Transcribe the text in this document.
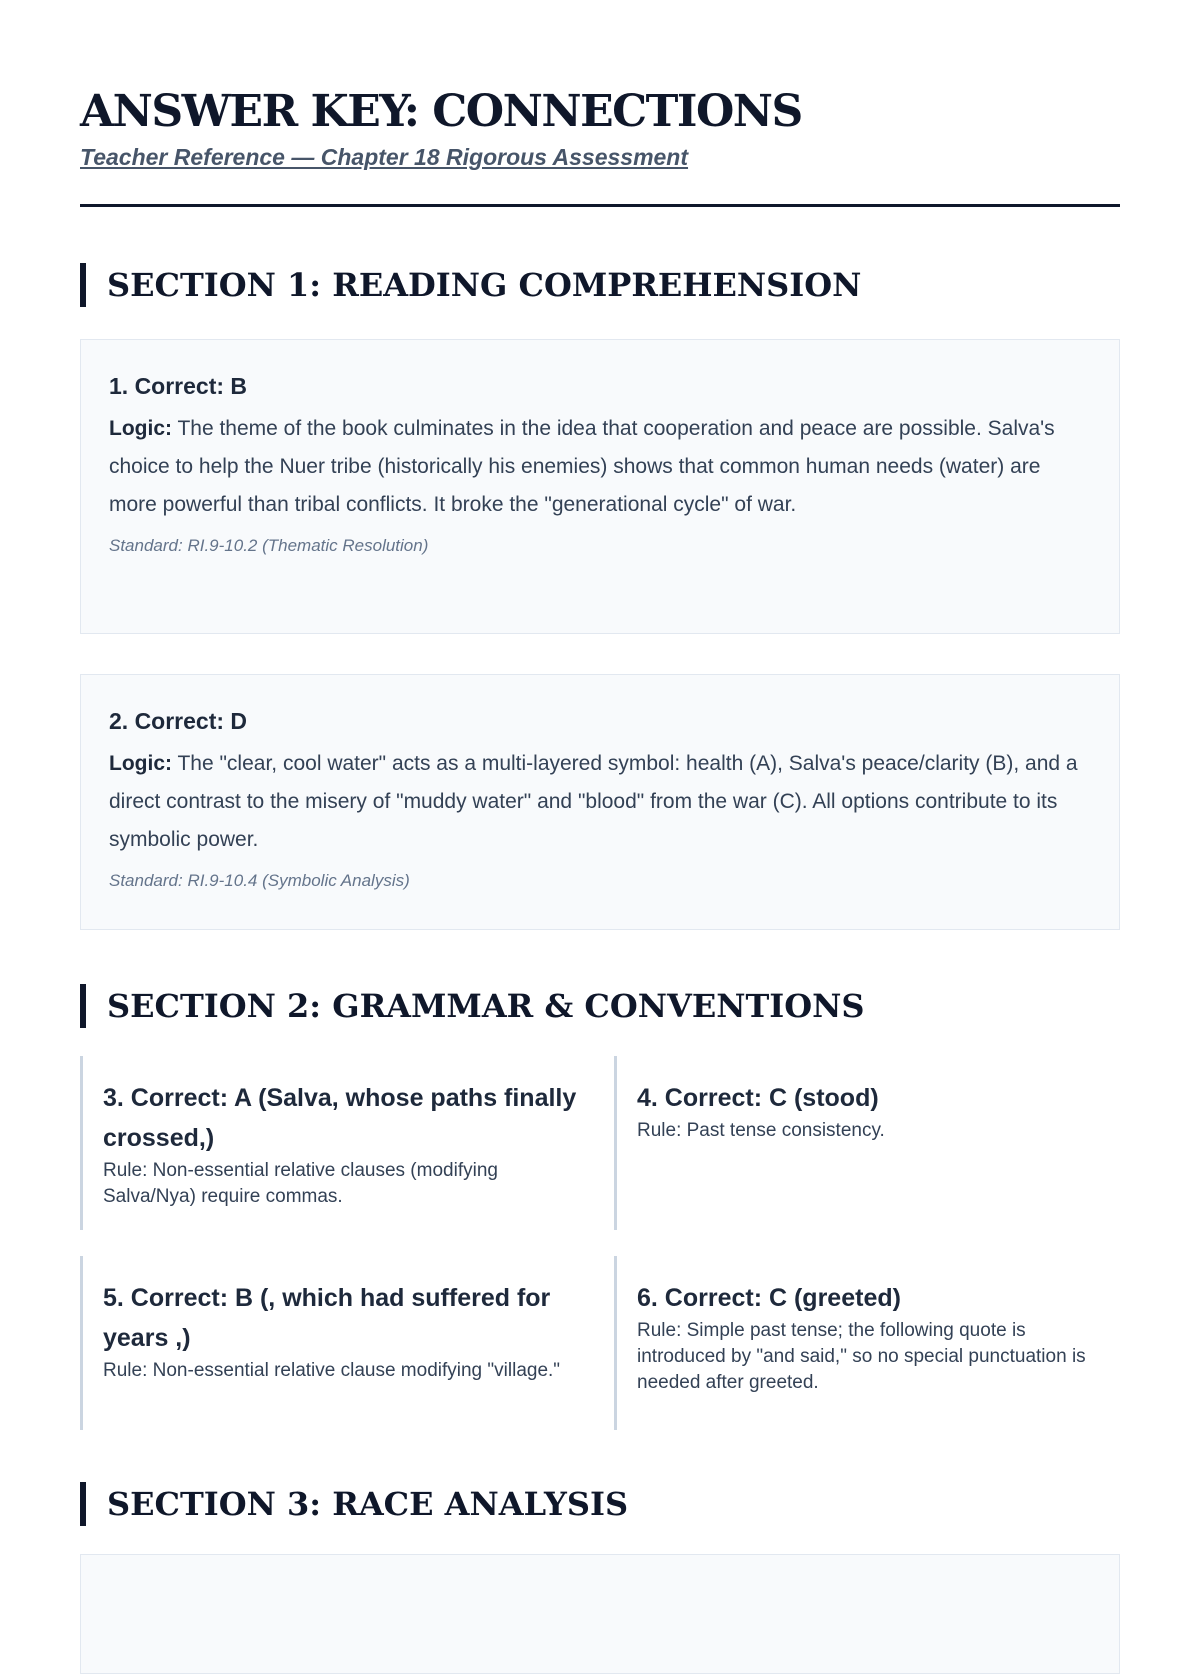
ANSWER KEY: CONNECTIONS

Teacher Reference — Chapter 18 Rigorous Assessment

SECTION 1: READING COMPREHENSION

1. Correct: B

Logic: The theme of the book culminates in the idea that cooperation and peace are possible. Salva's choice to help the Nuer tribe (historically his enemies) shows that common human needs (water) are more powerful than tribal conflicts. It broke the "generational cycle" of war.

Standard: RI.9-10.2 (Thematic Resolution)

2. Correct: D

Logic: The "clear, cool water" acts as a multi-layered symbol: health (A), Salva's peace/clarity (B), and a direct contrast to the misery of "muddy water" and "blood" from the war (C). All options contribute to its symbolic power.

Standard: RI.9-10.4 (Symbolic Analysis)
SECTION 2: GRAMMAR & CONVENTIONS

3. Correct: A (Salva, whose paths finally crossed,)

Rule: Non-essential relative clauses (modifying Salva/Nya) require commas.

4. Correct: C (stood)

Rule: Past tense consistency.

5. Correct: B (, which had suffered for years ,)

Rule: Non-essential relative clause modifying "village."

6. Correct: C (greeted)

Rule: Simple past tense; the following quote is introduced by "and said," so no special punctuation is needed after greeted.

SECTION 3: RACE ANALYSIS
